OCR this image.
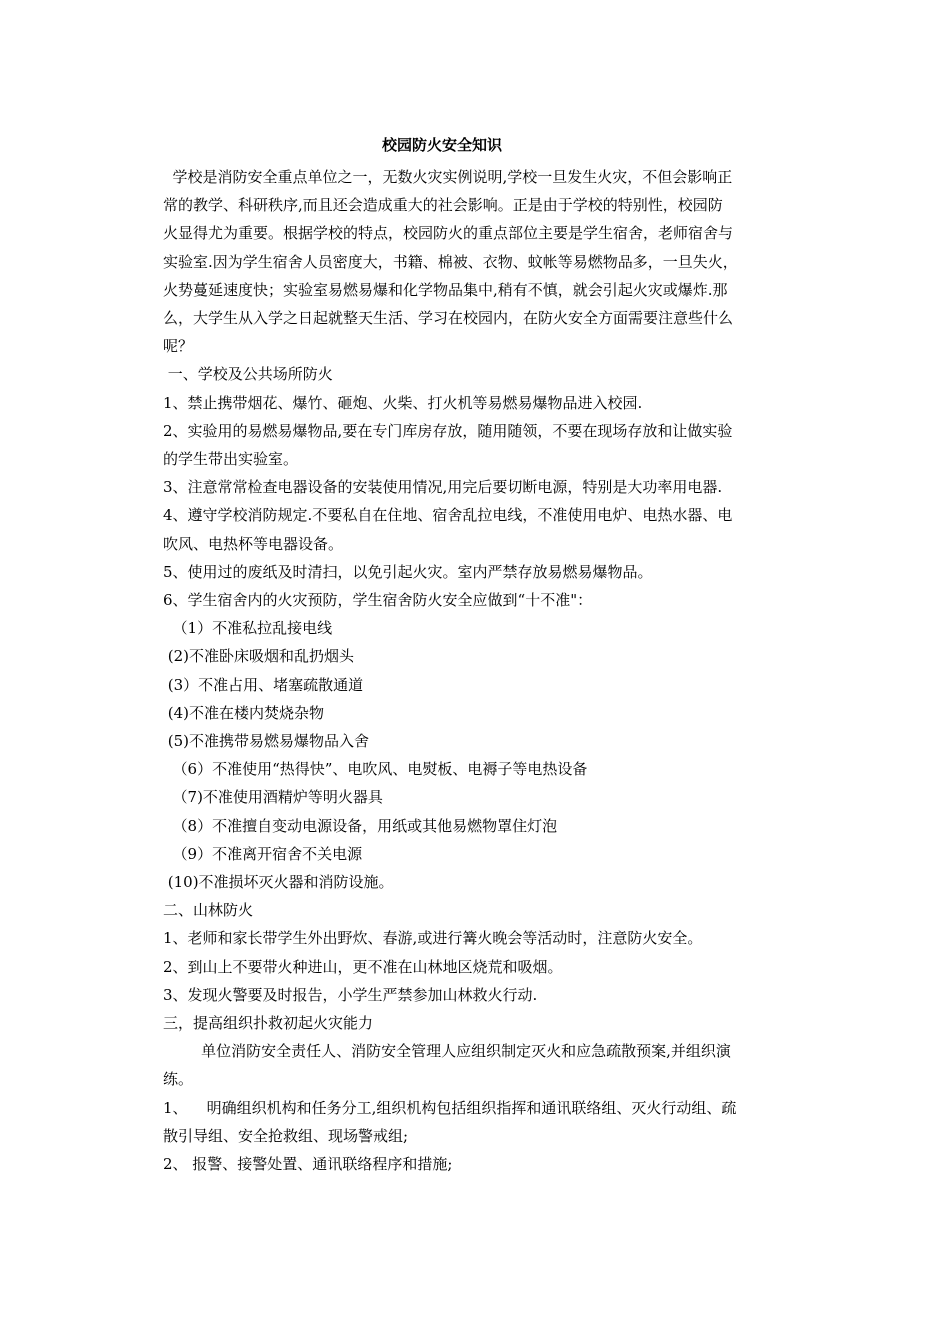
校园防火安全知识
学校是消防安全重点单位之一，无数火灾实例说明,学校一旦发生火灾，不但会影响正
常的教学、科研秩序,而且还会造成重大的社会影响。正是由于学校的特别性，校园防
火显得尤为重要。根据学校的特点，校园防火的重点部位主要是学生宿舍，老师宿舍与
实验室.因为学生宿舍人员密度大，书籍、棉被、衣物、蚊帐等易燃物品多，一旦失火，
火势蔓延速度快；实验室易燃易爆和化学物品集中,稍有不慎，就会引起火灾或爆炸.那
么，大学生从入学之日起就整天生活、学习在校园内，在防火安全方面需要注意些什么
呢？
一、学校及公共场所防火
1、禁止携带烟花、爆竹、砸炮、火柴、打火机等易燃易爆物品进入校园.
2、实验用的易燃易爆物品,要在专门库房存放，随用随领，不要在现场存放和让做实验
的学生带出实验室。
3、注意常常检查电器设备的安装使用情况,用完后要切断电源，特别是大功率用电器.
4、遵守学校消防规定.不要私自在住地、宿舍乱拉电线，不准使用电炉、电热水器、电
吹风、电热杯等电器设备。
5、使用过的废纸及时清扫，以免引起火灾。室内严禁存放易燃易爆物品。
6、学生宿舍内的火灾预防，学生宿舍防火安全应做到“十不准"：
（1）不准私拉乱接电线
(2)不准卧床吸烟和乱扔烟头
(3）不准占用、堵塞疏散通道
(4)不准在楼内焚烧杂物
(5)不准携带易燃易爆物品入舍
（6）不准使用“热得快”、电吹风、电熨板、电褥子等电热设备
（7)不准使用酒精炉等明火器具
（8）不准擅自变动电源设备，用纸或其他易燃物罩住灯泡
（9）不准离开宿舍不关电源
(10)不准损坏灭火器和消防设施。
二、山林防火
1、老师和家长带学生外出野炊、春游,或进行篝火晚会等活动时，注意防火安全。
2、到山上不要带火种进山，更不准在山林地区烧荒和吸烟。
3、发现火警要及时报告，小学生严禁参加山林救火行动.
三，提高组织扑救初起火灾能力
单位消防安全责任人、消防安全管理人应组织制定灭火和应急疏散预案,并组织演
练。
1、    明确组织机构和任务分工,组织机构包括组织指挥和通讯联络组、灭火行动组、疏
散引导组、安全抢救组、现场警戒组;
2、 报警、接警处置、通讯联络程序和措施;
